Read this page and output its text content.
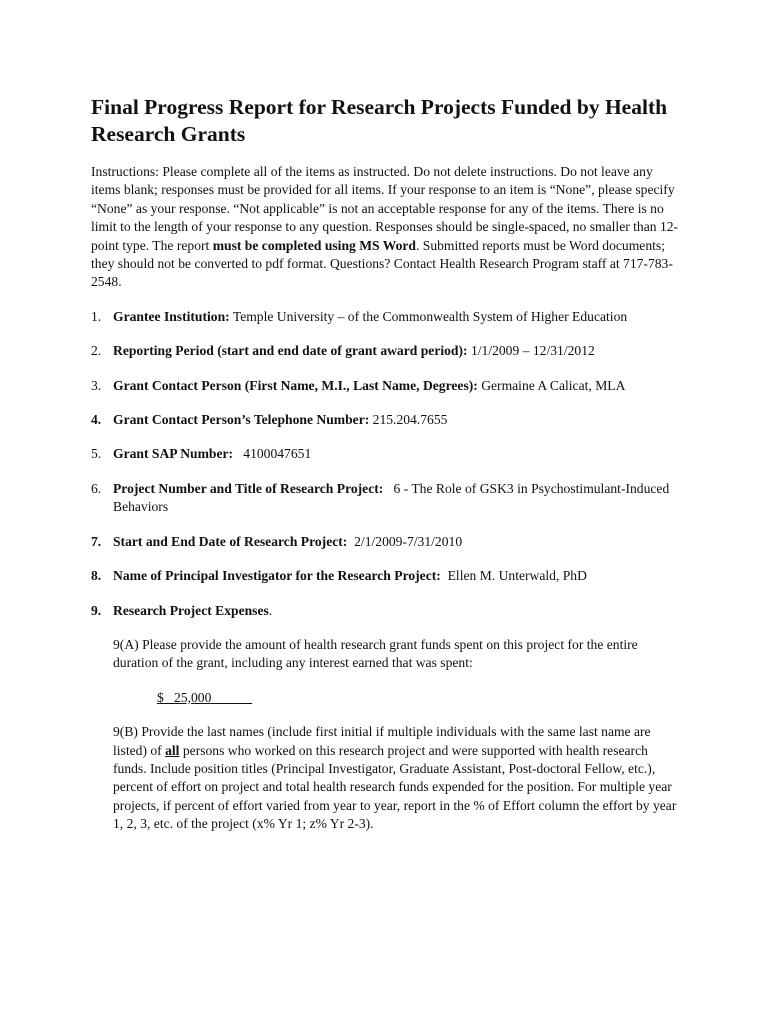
Final Progress Report for Research Projects Funded by Health Research Grants

Instructions: Please complete all of the items as instructed. Do not delete instructions. Do not leave any items blank; responses must be provided for all items. If your response to an item is “None”, please specify “None” as your response. “Not applicable” is not an acceptable response for any of the items. There is no limit to the length of your response to any question. Responses should be single-spaced, no smaller than 12-point type. The report must be completed using MS Word. Submitted reports must be Word documents; they should not be converted to pdf format. Questions? Contact Health Research Program staff at 717-783-2548.

1. Grantee Institution: Temple University – of the Commonwealth System of Higher Education
2. Reporting Period (start and end date of grant award period): 1/1/2009 – 12/31/2012
3. Grant Contact Person (First Name, M.I., Last Name, Degrees): Germaine A Calicat, MLA
4. Grant Contact Person’s Telephone Number: 215.204.7655
5. Grant SAP Number:   4100047651
6. Project Number and Title of Research Project:   6 - The Role of GSK3 in Psychostimulant-Induced Behaviors
7. Start and End Date of Research Project:  2/1/2009-7/31/2010
8. Name of Principal Investigator for the Research Project:  Ellen M. Unterwald, PhD
9. Research Project Expenses.
9(A) Please provide the amount of health research grant funds spent on this project for the entire duration of the grant, including any interest earned that was spent:
$   25,000
9(B) Provide the last names (include first initial if multiple individuals with the same last name are listed) of all persons who worked on this research project and were supported with health research funds. Include position titles (Principal Investigator, Graduate Assistant, Post-doctoral Fellow, etc.), percent of effort on project and total health research funds expended for the position. For multiple year projects, if percent of effort varied from year to year, report in the % of Effort column the effort by year 1, 2, 3, etc. of the project (x% Yr 1; z% Yr 2-3).
